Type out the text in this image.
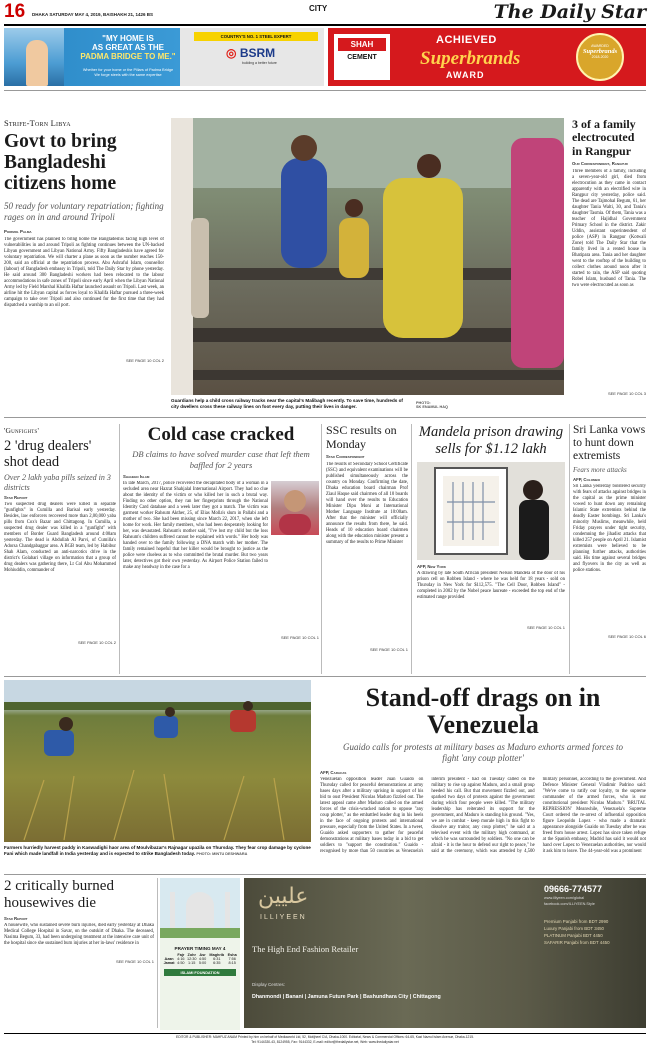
16 DHAKA SATURDAY MAY 4, 2019, BAISHAKH 21, 1426 BS
CITY	The Daily Star
"MY HOME IS
AS GREAT AS THE
PADMA BRIDGE TO ME."
Whether for your home or the Pillars of Padma Bridge
We forge steels with the same expertise
COUNTRY'S NO. 1 STEEL EXPERT
◎ BSRM
building a better future
SHAH
CEMENT
ACHIEVED
Superbrands
AWARD
AWARDED
Superbrands
2018-2020
Strife-Torn Libya
Govt to bring Bangladeshi citizens home
50 ready for voluntary repatriation; fighting rages on in and around Tripoli
Porimol Palma
The government has planned to bring home the Bangladeshis facing high level of vulnerabilities in and around Tripoli as fighting continues between the UN-backed Libyan government and Libyan National Army. Fifty Bangladeshis have agreed for voluntary repatriation. We will charter a plane as soon as the number reaches 150-200, said an official at the repatriation process. Abu Ashraful Islam, counsellor (labour) of Bangladesh embassy in Tripoli, told The Daily Star by phone yesterday. He said around 300 Bangladeshi workers had been relocated to the labour accommodations in safe zones of Tripoli since early April when the Libyan National Army led by Field Marshal Khalifa Haftar launched assault on Tripoli. Last week, an airline hit the Libyan capital as forces loyal to Khalifa Haftar pursued a three-week campaign to take over Tripoli and also continued for the first time that they had dispatched a warship to an oil port.
SEE PAGE 10 COL 2
Guardians help a child cross railway tracks near the capital's Malibagh recently. To save time, hundreds of city dwellers cross these railway lines on foot every day, putting their lives in danger.
PHOTO:
SK ENAMUL HAQ
3 of a family electrocuted in Rangpur
Our Correspondent, Rangpur
Three members of a family, including a seven-year-old girl, died from electrocution as they came in contact apparently with an electrified wire in Rangpur city yesterday, police said. The dead are Tajmohal Begum, 61, her daughter Tania Walti, 30, and Tania's daughter Tasmia. Of them, Tania was a teacher of Hajidhal Government Primary School in the district. Zakir Uddin, assistant superintendent of police (ASP) in Rangpur (Kotwali Zone) told The Daily Star that the family lived in a rented house in Bhatipara area. Tania and her daughter went to the rooftop of the building to collect clothes around noon after it started to rain, the ASP said quoting Robel Islam, husband of Tania. The two were electrocuted as soon as
SEE PAGE 10 COL 3
'Gunfights'
2 'drug dealers' shot dead
Over 2 lakh yaba pills seized in 3 districts
Star Report
Two suspected drug dealers were killed in separate "gunfights" in Cumilla and Barisal early yesterday. Besides, law enforcers recovered more than 2,00,000 yaba pills from Cox's Bazar and Chittagong. In Cumilla, a suspected drug dealer was killed in a "gunfight" with members of Border Guard Bangladesh around 4:00am yesterday. The dead is Abdullah Al Parvi, of Cumilla's Adorsa Chandgabaggar area. A BGB team, led by Habibur Shah Alam, conducted an anti-narcotics drive in the district's Golabari village on information that a group of drug dealers was gathering there, Lt Col Abu Mohammed Mohiuddin, commander of
SEE PAGE 10 COL 2
Cold case cracked
DB claims to have solved murder case that left them baffled for 2 years
Shaheen Islam
In late March, 2017, police recovered the decapitated body of a woman in a secluded area near Hazrat Shahjalal International Airport. They had no clue about the identity of the victim or who killed her in such a brutal way. Finding no other option, they ran her fingerprints through the National Identity Card database and a week later they got a match. The victim was garment worker Rahsum Akther, 25, of Elias Molla's slum in Pallabi and a mother of two. She had been missing since March 22, 2017, when she left home for work. Her family members, who had been desperately looking for her, was devastated. Rahsum's mother said, "I've lost my child but the loss Rahsum's children suffered cannot be explained with words." Her body was handed over to the family following a DNA match with her mother. The family remained hopeful that her killer would be brought to justice as the police were clueless as to who committed the brutal murder. But two years later, detectives got their own yesterday. As Airport Police Station failed to make any headway in the case for a
SEE PAGE 10 COL 1
SSC results on Monday
Star Correspondent
The results of Secondary School Certificate (SSC) and equivalent examinations will be published simultaneously across the country on Monday. Confirming the date, Dhaka education board chairman Prof Ziaul Haque said chairmen of all 10 boards will hand over the results to Education Minister Dipu Moni at International Mother Language Institute at 10:00am. After that the minister will officially announce the results from there, he said. Heads of 10 education board chairmen along with the education minister present a summary of the results to Prime Minister
SEE PAGE 10 COL 1
Mandela prison drawing sells for $1.12 lakh
AFP, New York
A drawing by late South African president Nelson Mandela of the door of his prison cell on Robben Island - where he was held for 18 years - sold on Thursday in New York for $112,575. "The Cell Door, Robben Island" - completed in 2002 by the Nobel peace laureate - exceeded the top end of the estimated range provided
SEE PAGE 10 COL 1
Sri Lanka vows to hunt down extremists
Fears more attacks
AFP, Colombo
Sri Lanka yesterday bolstered security with fears of attacks against bridges in the capital as the prime minister vowed to hunt down any remaining Islamic State extremists behind the deadly Easter bombings. Sri Lanka's minority Muslims, meanwhile, held Friday prayers under tight security, condemning the jihadist attacks that killed 257 people on April 21. Islamist extremists were believed to be planning further attacks, authorities said. His time against several bridges and flyovers in the city as well as police stations.
SEE PAGE 10 COL 6
Farmers hurriedly harvest paddy in Kaswadighi haor area of Moulvibazar's Rajnagar upazila on Thursday. They fear crop damage by cyclone Fani which made landfall in India yesterday and is expected to strike Bangladesh today. PHOTO: MINTU DESHWARA
Stand-off drags on in Venezuela
Guaido calls for protests at military bases as Maduro exhorts armed forces to fight 'any coup plotter'
AFP, Caracas
Venezuelan opposition leader Juan Guaido on Thursday called for peaceful demonstrations at army bases days after a military uprising in support of his bid to oust President Nicolas Maduro fizzled out. The latest appeal came after Maduro called on the armed forces of the crisis-wracked nation to oppose "any coup plotter," as the embattled leader dug in his heels in the face of ongoing protests and international pressure, especially from the United States. In a tweet, Guaido asked supporters to gather for peaceful demonstrations at military bases today in a bid to get soldiers to "support the constitution." Guaido - recognised by more than 50 countries as Venezuela's interim president - had on Tuesday called on the military to rise up against Maduro, and a small group heeded his call. But that movement fizzled out, and sparked two days of protests against the government during which four people were killed. "The military leadership has reiterated its support for the government, and Maduro is standing his ground. "Yes, we are in combat - keep morale high in this fight to dissolve any traitor, any coup plotter," he said at a televised event with the military high command, at which he was surrounded by soldiers. "No one can be afraid - it is the hour to defend our right to peace," he said at the ceremony, which was attended by 4,500 military personnel, according to the government. And Defence Minister General Vladimir Padrino said: "We've come to ratify our loyalty, to the supreme commander of the armed forces, who is our constitutional president Nicolas Maduro." 'BRUTAL REPRESSION' Meanwhile, Venezuela's Supreme Court ordered the re-arrest of influential opposition figure Leopoldo Lopez - who made a dramatic appearance alongside Guaido on Tuesday after he was freed from house arrest. Lopez has since taken refuge at the Spanish embassy, Madrid has said it would not hand over Lopez to Venezuelan authorities, nor would it ask him to leave. The 44-year-old was a prominent
2 critically burned housewives die
Star Report
A housewife, who sustained severe burn injuries, died early yesterday at Dhaka Medical College Hospital in Savar, on the outskirt of Dhaka. The deceased, Nasima Begum, 33, had been undergoing treatment at the intensive care unit of the hospital since she sustained burn injuries at her in-laws' residence in
SEE PAGE 10 COL 1
PRAYER TIMING MAY 4
	Fajr	Zohr	Asr	Maghrib	Esha
Azan	4:16	12:30	4:50	6:31	7:56
Jamat	4:50	1:15	5:00	6:35	8:15
ISLAMI FOUNDATION
عليين
ILLIYEEN
The High End Fashion Retailer
09666-774577
www.illiyeen.com/global
facebook.com/ILLIYEEN.Style
Premium Panjabi from BDT 2990
Luxury Panjabi from BDT 3450
PLATINUM Panjabi BDT 4450
SAFARIR Panjabi from BDT 4450
Display Centres:
Dhanmondi | Banani | Jamuna Future Park | Bashundhara City | Chittagong
EDITOR & PUBLISHER: MAHFUZ ANAM Printed by him on behalf of Mediaworld Ltd, 52, Motijheel C/A, Dhaka-1000. Editorial, News & Commercial Offices: 64-65, Kazi Nazrul Islam Avenue, Dhaka-1215.
Tel: 9144330-43, 8124955, Fax: 9144332, E-mail: editor@thedailystar.net, Web: www.thedailystar.net
